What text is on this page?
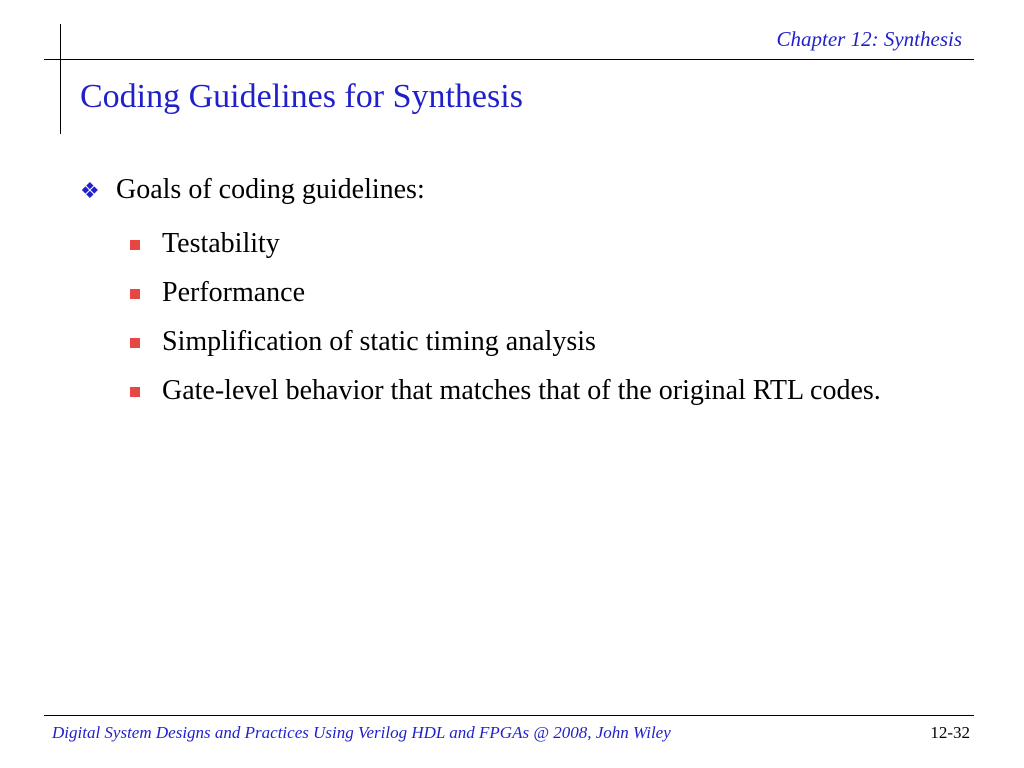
Chapter 12: Synthesis
Coding Guidelines for Synthesis
❖ Goals of coding guidelines:
Testability
Performance
Simplification of static timing analysis
Gate-level behavior that matches that of the original RTL codes.
Digital System Designs and Practices Using Verilog HDL and FPGAs @ 2008, John Wiley	12-32
